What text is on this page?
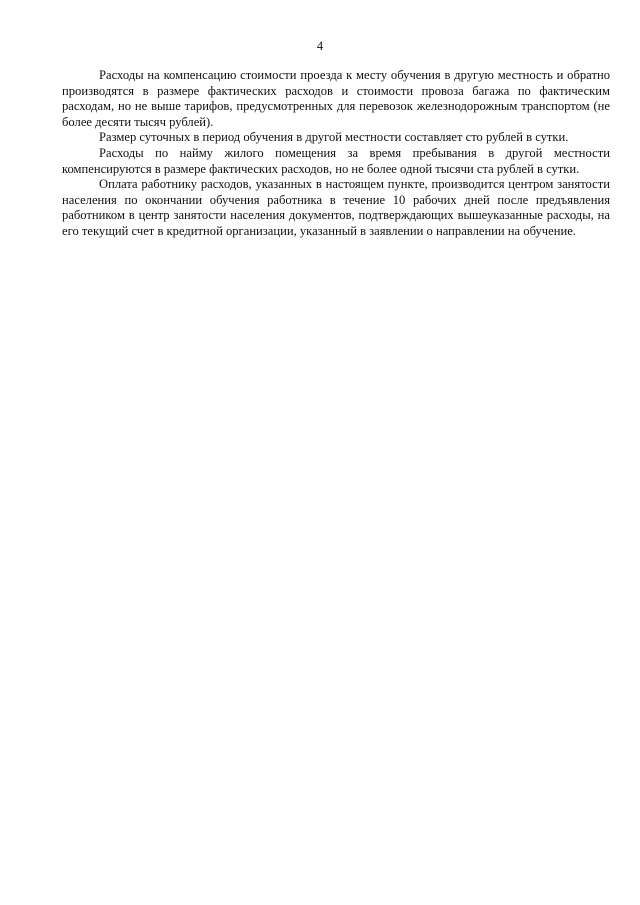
4

Расходы на компенсацию стоимости проезда к месту обучения в другую местность и обратно производятся в размере фактических расходов и стоимости провоза багажа по фактическим расходам, но не выше тарифов, предусмотренных для перевозок железнодорожным транспортом (не более десяти тысяч рублей).

Размер суточных в период обучения в другой местности составляет сто рублей в сутки.

Расходы по найму жилого помещения за время пребывания в другой местности компенсируются в размере фактических расходов, но не более одной тысячи ста рублей в сутки.

Оплата работнику расходов, указанных в настоящем пункте, производится центром занятости населения по окончании обучения работника в течение 10 рабочих дней после предъявления работником в центр занятости населения документов, подтверждающих вышеуказанные расходы, на его текущий счет в кредитной организации, указанный в заявлении о направлении на обучение.
